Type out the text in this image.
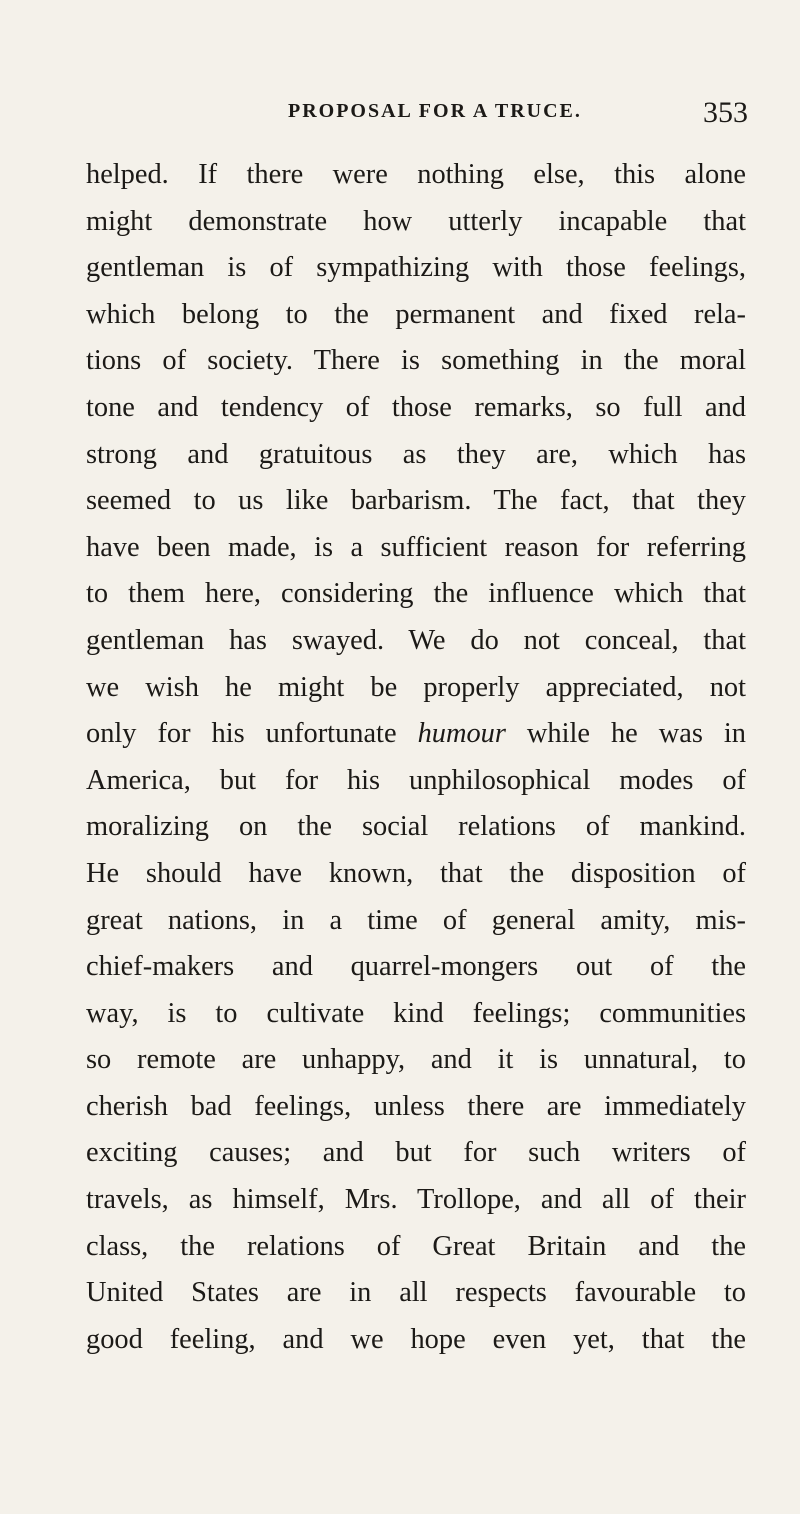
PROPOSAL FOR A TRUCE.	353
helped. If there were nothing else, this alone
might demonstrate how utterly incapable that
gentleman is of sympathizing with those feelings,
which belong to the permanent and fixed rela-
tions of society. There is something in the moral
tone and tendency of those remarks, so full and
strong and gratuitous as they are, which has
seemed to us like barbarism. The fact, that they
have been made, is a sufficient reason for referring
to them here, considering the influence which that
gentleman has swayed. We do not conceal, that
we wish he might be properly appreciated, not
only for his unfortunate humour while he was in
America, but for his unphilosophical modes of
moralizing on the social relations of mankind.
He should have known, that the disposition of
great nations, in a time of general amity, mis-
chief-makers and quarrel-mongers out of the
way, is to cultivate kind feelings; communities
so remote are unhappy, and it is unnatural, to
cherish bad feelings, unless there are immediately
exciting causes; and but for such writers of
travels, as himself, Mrs. Trollope, and all of their
class, the relations of Great Britain and the
United States are in all respects favourable to
good feeling, and we hope even yet, that the
